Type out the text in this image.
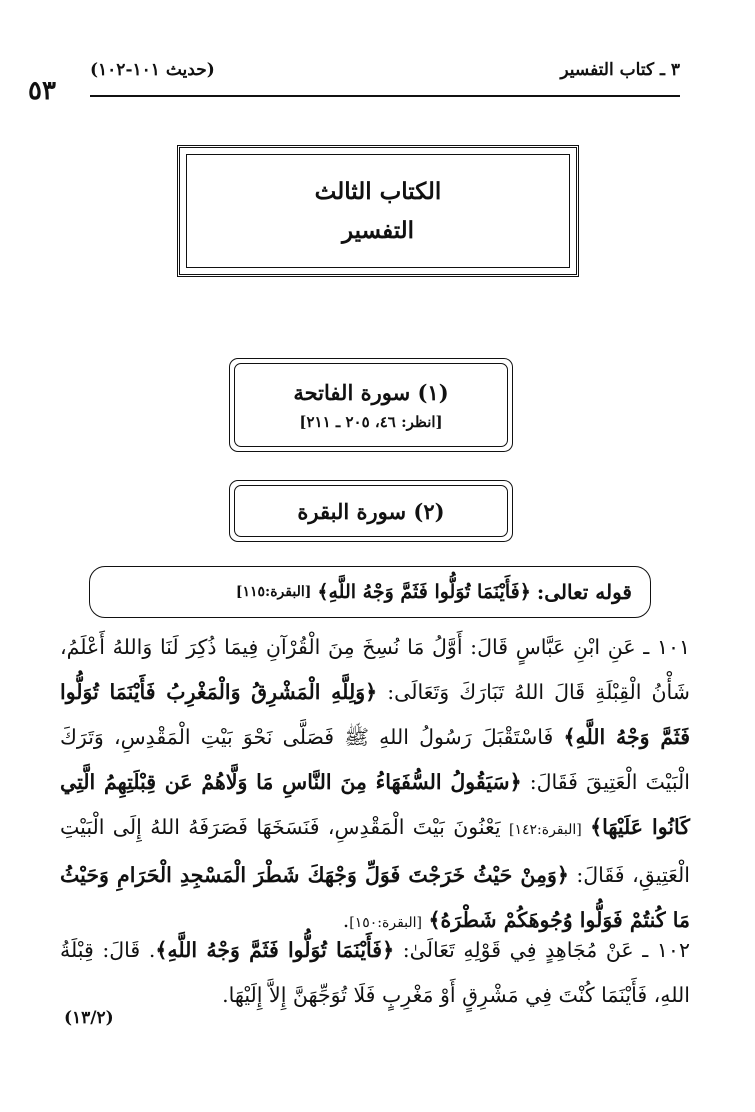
(حديث ١٠١-١٠٢)	٣ ـ كتاب التفسير
٥٣
الكتاب الثالث
التفسير
(١) سورة الفاتحة
[انظر: ٤٦، ٢٠٥ ـ ٢١١]
(٢) سورة البقرة
قوله تعالى:
﴿فَأَيْنَمَا تُوَلُّوا فَثَمَّ وَجْهُ اللَّهِ﴾
[البقرة:١١٥]
١٠١ ـ عَنِ ابْنِ عَبَّاسٍ قَالَ: أَوَّلُ مَا نُسِخَ مِنَ الْقُرْآنِ فِيمَا ذُكِرَ لَنَا وَاللهُ أَعْلَمُ، شَأْنُ الْقِبْلَةِ قَالَ اللهُ تَبَارَكَ وَتَعَالَى: ﴿وَلِلَّهِ الْمَشْرِقُ وَالْمَغْرِبُ فَأَيْنَمَا تُوَلُّوا فَثَمَّ وَجْهُ اللَّهِ﴾ فَاسْتَقْبَلَ رَسُولُ اللهِ ﷺ فَصَلَّى نَحْوَ بَيْتِ الْمَقْدِسِ، وَتَرَكَ الْبَيْتَ الْعَتِيقَ فَقَالَ: ﴿سَيَقُولُ السُّفَهَاءُ مِنَ النَّاسِ مَا وَلَّاهُمْ عَن قِبْلَتِهِمُ الَّتِي كَانُوا عَلَيْهَا﴾ [البقرة:١٤٢] يَعْنُونَ بَيْتَ الْمَقْدِسِ، فَنَسَخَهَا فَصَرَفَهُ اللهُ إِلَى الْبَيْتِ الْعَتِيقِ، فَقَالَ: ﴿وَمِنْ حَيْثُ خَرَجْتَ فَوَلِّ وَجْهَكَ شَطْرَ الْمَسْجِدِ الْحَرَامِ وَحَيْثُ مَا كُنتُمْ فَوَلُّوا وُجُوهَكُمْ شَطْرَهُ﴾ [البقرة:١٥٠].
١٠٢ ـ عَنْ مُجَاهِدٍ فِي قَوْلِهِ تَعَالَىٰ: ﴿فَأَيْنَمَا تُوَلُّوا فَثَمَّ وَجْهُ اللَّهِ﴾. قَالَ: قِبْلَةُ اللهِ، فَأَيْنَمَا كُنْتَ فِي مَشْرِقٍ أَوْ مَغْرِبٍ فَلَا تُوَجِّهَنَّ إِلاَّ إِلَيْهَا.
(١٣/٢)
